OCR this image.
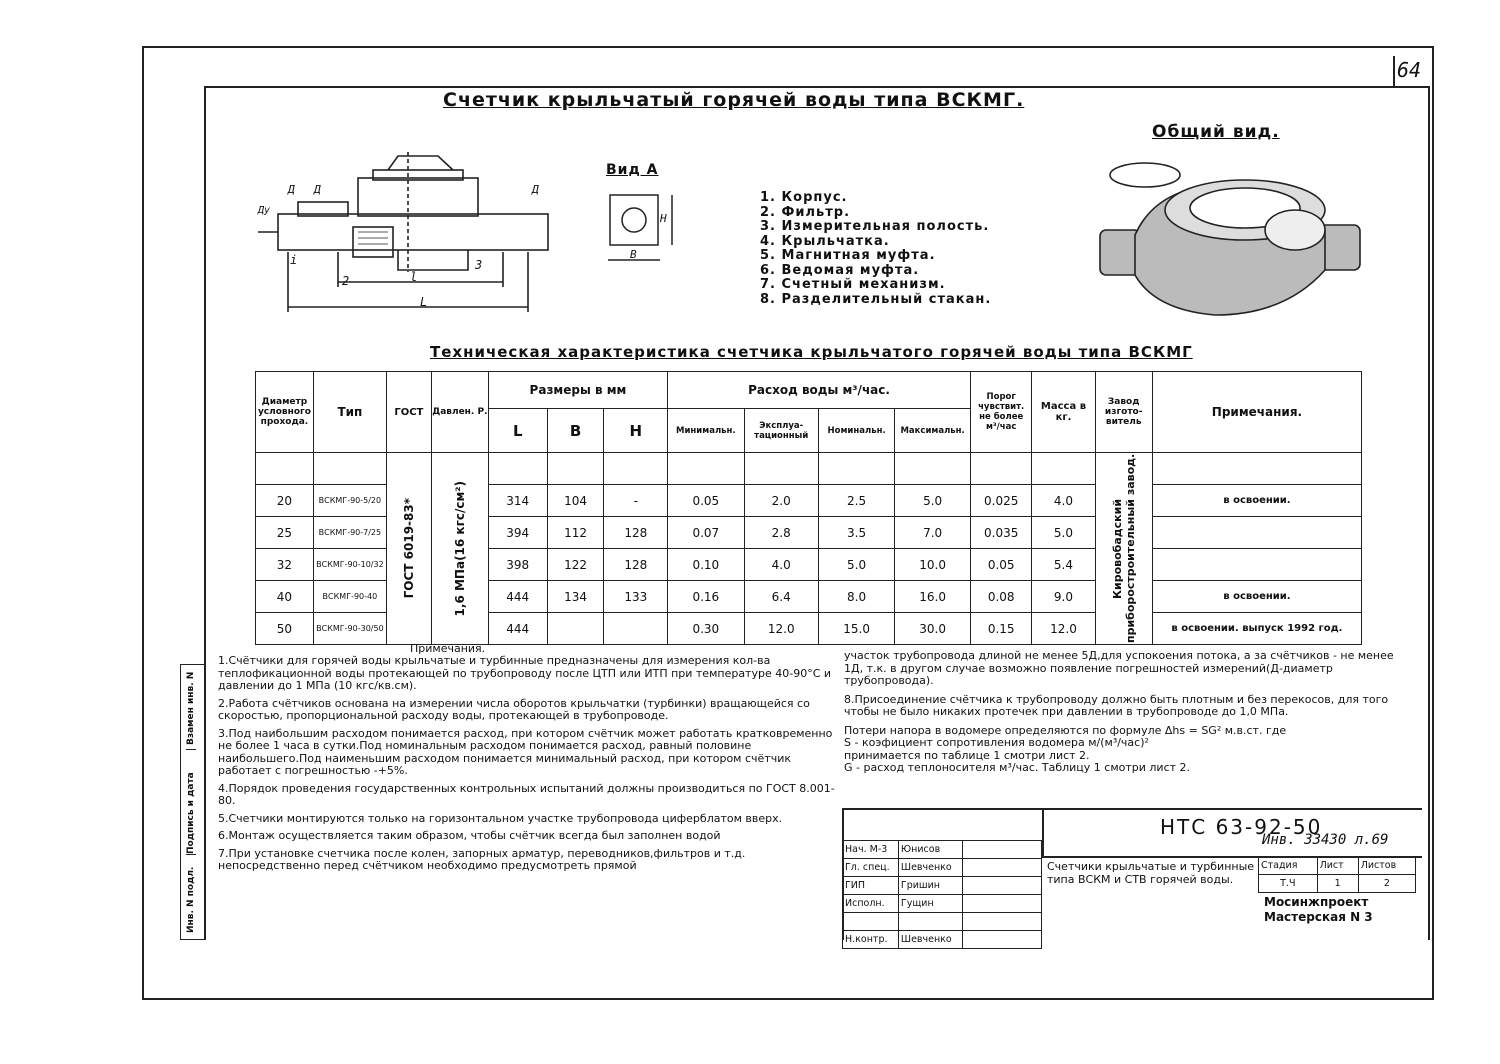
64
Счетчик крыльчатый горячей воды типа ВСКМГ.
Общий вид.
Д Д	Д
Ду
i
2
3
l
L
Вид А
В
Н
1. Корпус.
2. Фильтр.
3. Измерительная полость.
4. Крыльчатка.
5. Магнитная муфта.
6. Ведомая муфта.
7. Счетный механизм.
8. Разделительный стакан.
Техническая характеристика счетчика крыльчатого горячей воды типа ВСКМГ
Диаметр условного прохода.	Тип	ГОСТ	Давлен. Р.	Размеры в мм			Расход воды м³/час.				Порог чувствит. не более м³/час	Масса в кг.	Завод изгото-витель	Примечания.
				L	В	Н	Минимальн.	Эксплуа-тационный	Номинальн.	Максимальн.				

		ГОСТ 6019-83*	1,6 МПа(16 кгс/см²)										Кировобадский приборостроительный завод.	

20	ВСКМГ-90-5/20			314	104	-	0.05	2.0	2.5	5.0	0.025	4.0		в освоении.
25	ВСКМГ-90-7/25			394	112	128	0.07	2.8	3.5	7.0	0.035	5.0		
32	ВСКМГ-90-10/32			398	122	128	0.10	4.0	5.0	10.0	0.05	5.4		
40	ВСКМГ-90-40			444	134	133	0.16	6.4	8.0	16.0	0.08	9.0		в освоении.
50	ВСКМГ-90-30/50			444			0.30	12.0	15.0	30.0	0.15	12.0		в освоении. выпуск 1992 год.
Примечания.
1.Счётчики для горячей воды крыльчатые и турбинные предназначены для измерения кол-ва теплофикационной воды протекающей по трубопроводу после ЦТП или ИТП при температуре 40-90°С и давлении до 1 МПа (10 кгс/кв.см).
2.Работа счётчиков основана на измерении числа оборотов крыльчатки (турбинки) вращающейся со скоростью, пропорциональной расходу воды, протекающей в трубопроводе.
3.Под наибольшим расходом понимается расход, при котором счётчик может работать кратковременно не более 1 часа в сутки.Под номинальным расходом понимается расход, равный половине наибольшего.Под наименьшим расходом понимается минимальный расход, при котором счётчик работает с погрешностью -+5%.
4.Порядок проведения государственных контрольных испытаний должны производиться по ГОСТ 8.001-80.
5.Счетчики монтируются только на горизонтальном участке трубопровода циферблатом вверх.
6.Монтаж осуществляется таким образом, чтобы счётчик всегда был заполнен водой
7.При установке счетчика после колен, запорных арматур, переводников,фильтров и т.д. непосредственно перед счётчиком необходимо предусмотреть прямой
участок трубопровода длиной не менее 5Д,для успокоения потока, а за счётчиков - не менее 1Д, т.к. в другом случае возможно появление погрешностей измерений(Д-диаметр трубопровода).
8.Присоединение счётчика к трубопроводу должно быть плотным и без перекосов, для того чтобы не было никаких протечек при давлении в трубопроводе до 1,0 МПа.
Потери напора в водомере определяются по формуле Δhs = SG² м.в.ст. где
S - коэфициент сопротивления водомера м/(м³/час)²
принимается по таблице 1 смотри лист 2.
G - расход теплоносителя м³/час. Таблицу 1 смотри лист 2.
Инв. N подл.
Подпись и дата
Взамен инв. N
Нач. М-3	Юнисов	
Гл. спец.	Шевченко	
ГИП	Гришин	
Исполн.	Гущин	

Н.контр.	Шевченко	
НТС 63-92-50
Инв. 33430 л.69
Счетчики крыльчатые и турбинные типа ВСКМ и СТВ горячей воды.
Стадия	Лист	Листов
Т.Ч	1	2
Мосинжпроект Мастерская N 3
